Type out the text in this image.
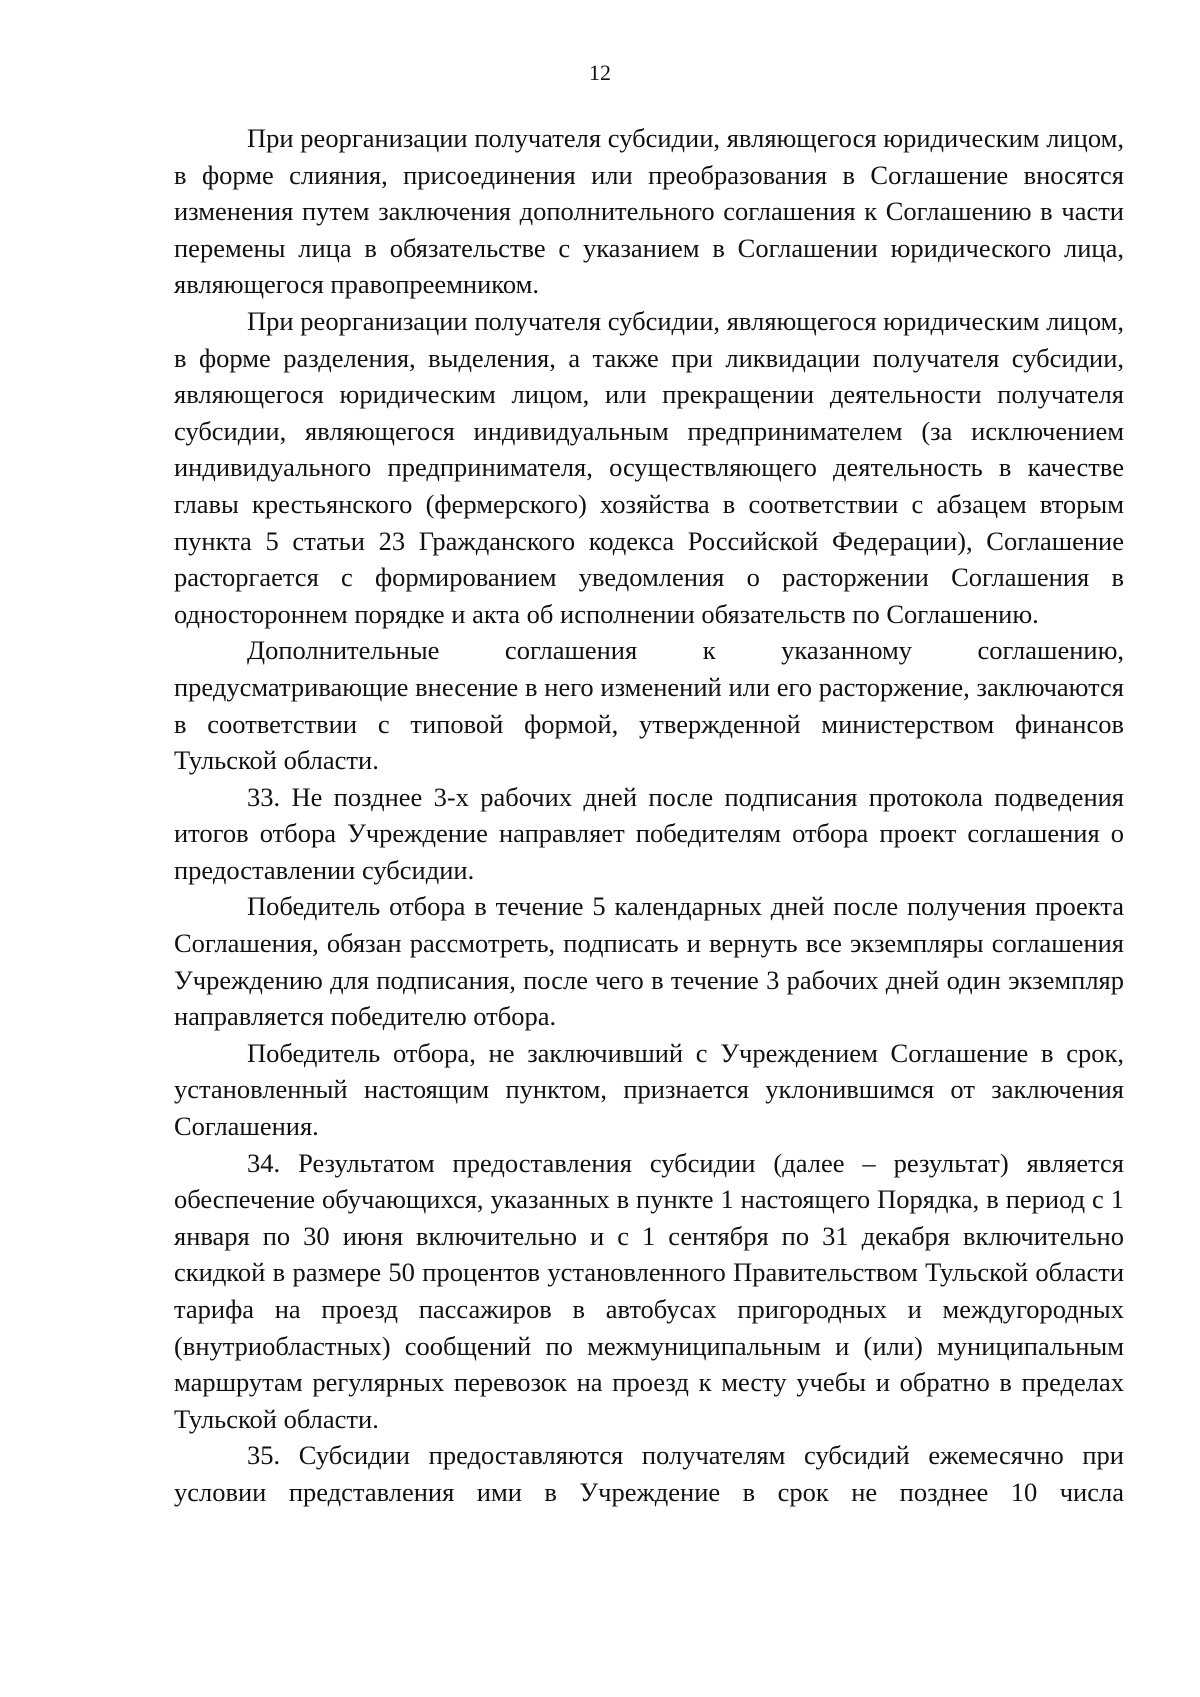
12

При реорганизации получателя субсидии, являющегося юридическим лицом, в форме слияния, присоединения или преобразования в Соглашение вносятся изменения путем заключения дополнительного соглашения к Соглашению в части перемены лица в обязательстве с указанием в Соглашении юридического лица, являющегося правопреемником.

При реорганизации получателя субсидии, являющегося юридическим лицом, в форме разделения, выделения, а также при ликвидации получателя субсидии, являющегося юридическим лицом, или прекращении деятельности получателя субсидии, являющегося индивидуальным предпринимателем (за исключением индивидуального предпринимателя, осуществляющего деятельность в качестве главы крестьянского (фермерского) хозяйства в соответствии с абзацем вторым пункта 5 статьи 23 Гражданского кодекса Российской Федерации), Соглашение расторгается с формированием уведомления о расторжении Соглашения в одностороннем порядке и акта об исполнении обязательств по Соглашению.

Дополнительные соглашения к указанному соглашению, предусматривающие внесение в него изменений или его расторжение, заключаются в соответствии с типовой формой, утвержденной министерством финансов Тульской области.

33. Не позднее 3-х рабочих дней после подписания протокола подведения итогов отбора Учреждение направляет победителям отбора проект соглашения о предоставлении субсидии.

Победитель отбора в течение 5 календарных дней после получения проекта Соглашения, обязан рассмотреть, подписать и вернуть все экземпляры соглашения Учреждению для подписания, после чего в течение 3 рабочих дней один экземпляр направляется победителю отбора.

Победитель отбора, не заключивший с Учреждением Соглашение в срок, установленный настоящим пунктом, признается уклонившимся от заключения Соглашения.

34. Результатом предоставления субсидии (далее – результат) является обеспечение обучающихся, указанных в пункте 1 настоящего Порядка, в период с 1 января по 30 июня включительно и с 1 сентября по 31 декабря включительно скидкой в размере 50 процентов установленного Правительством Тульской области тарифа на проезд пассажиров в автобусах пригородных и междугородных (внутриобластных) сообщений по межмуниципальным и (или) муниципальным маршрутам регулярных перевозок на проезд к месту учебы и обратно в пределах Тульской области.

35. Субсидии предоставляются получателям субсидий ежемесячно при условии представления ими в Учреждение в срок не позднее 10 числа
